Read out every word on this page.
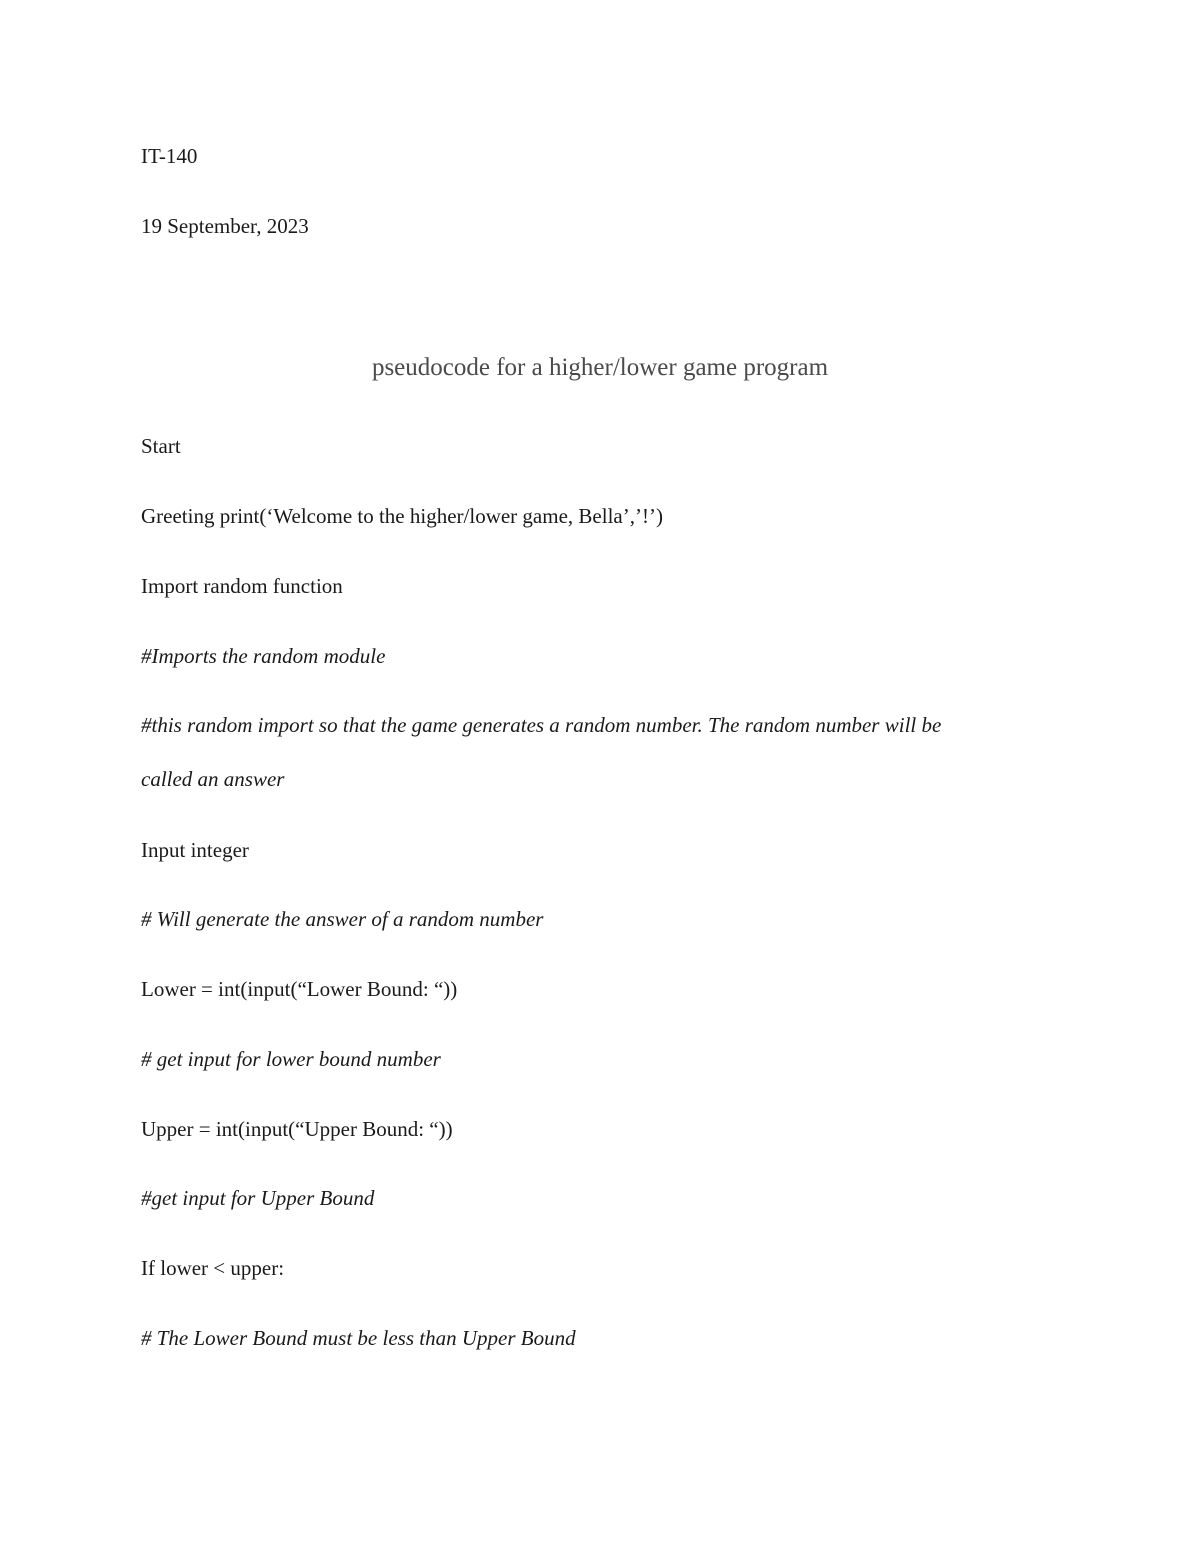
IT-140
19 September, 2023
pseudocode for a higher/lower game program
Start
Greeting print(‘Welcome to the higher/lower game, Bella’,’!’)
Import random function
#Imports the random module
#this random import so that the game generates a random number. The random number will be
called an answer
Input integer
# Will generate the answer of a random number
Lower = int(input(“Lower Bound: “))
# get input for lower bound number
Upper = int(input(“Upper Bound: “))
#get input for Upper Bound
If lower < upper:
# The Lower Bound must be less than Upper Bound
